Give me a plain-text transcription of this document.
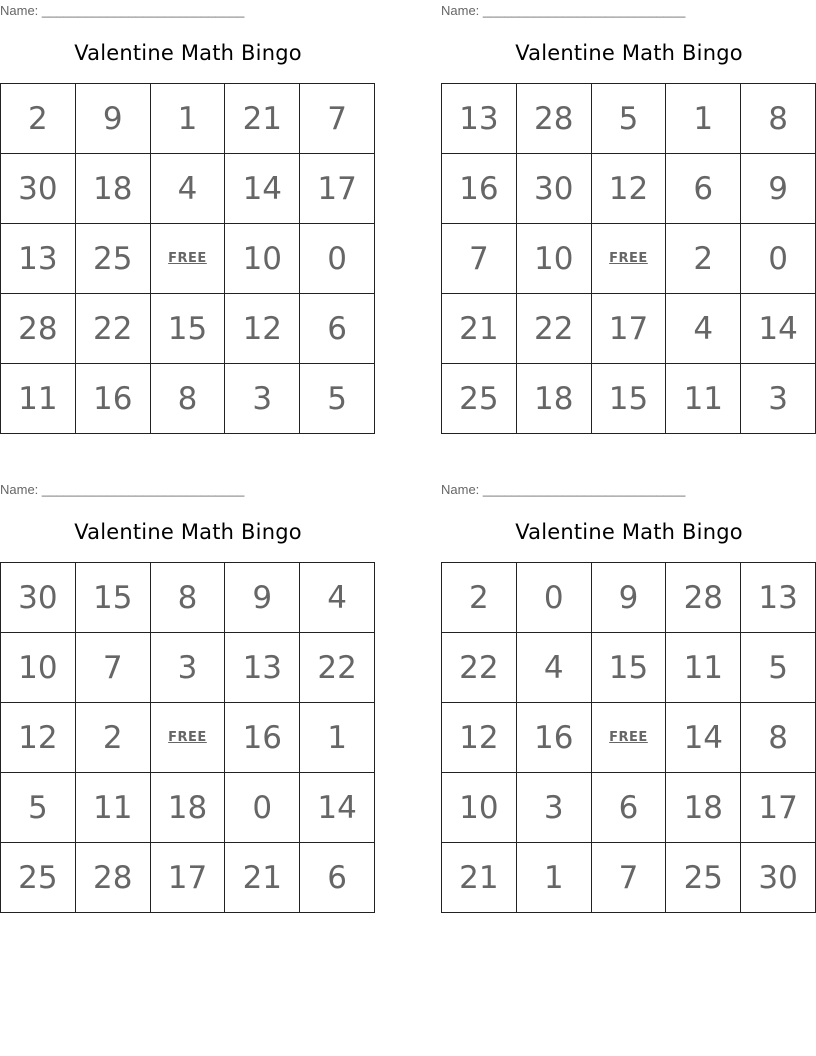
Name: ____________________________
Valentine Math Bingo
2	9	1	21	7
30	18	4	14	17
13	25	FREE	10	0
28	22	15	12	6
11	16	8	3	5
Name: ____________________________
Valentine Math Bingo
13	28	5	1	8
16	30	12	6	9
7	10	FREE	2	0
21	22	17	4	14
25	18	15	11	3
Name: ____________________________
Valentine Math Bingo
30	15	8	9	4
10	7	3	13	22
12	2	FREE	16	1
5	11	18	0	14
25	28	17	21	6
Name: ____________________________
Valentine Math Bingo
2	0	9	28	13
22	4	15	11	5
12	16	FREE	14	8
10	3	6	18	17
21	1	7	25	30
